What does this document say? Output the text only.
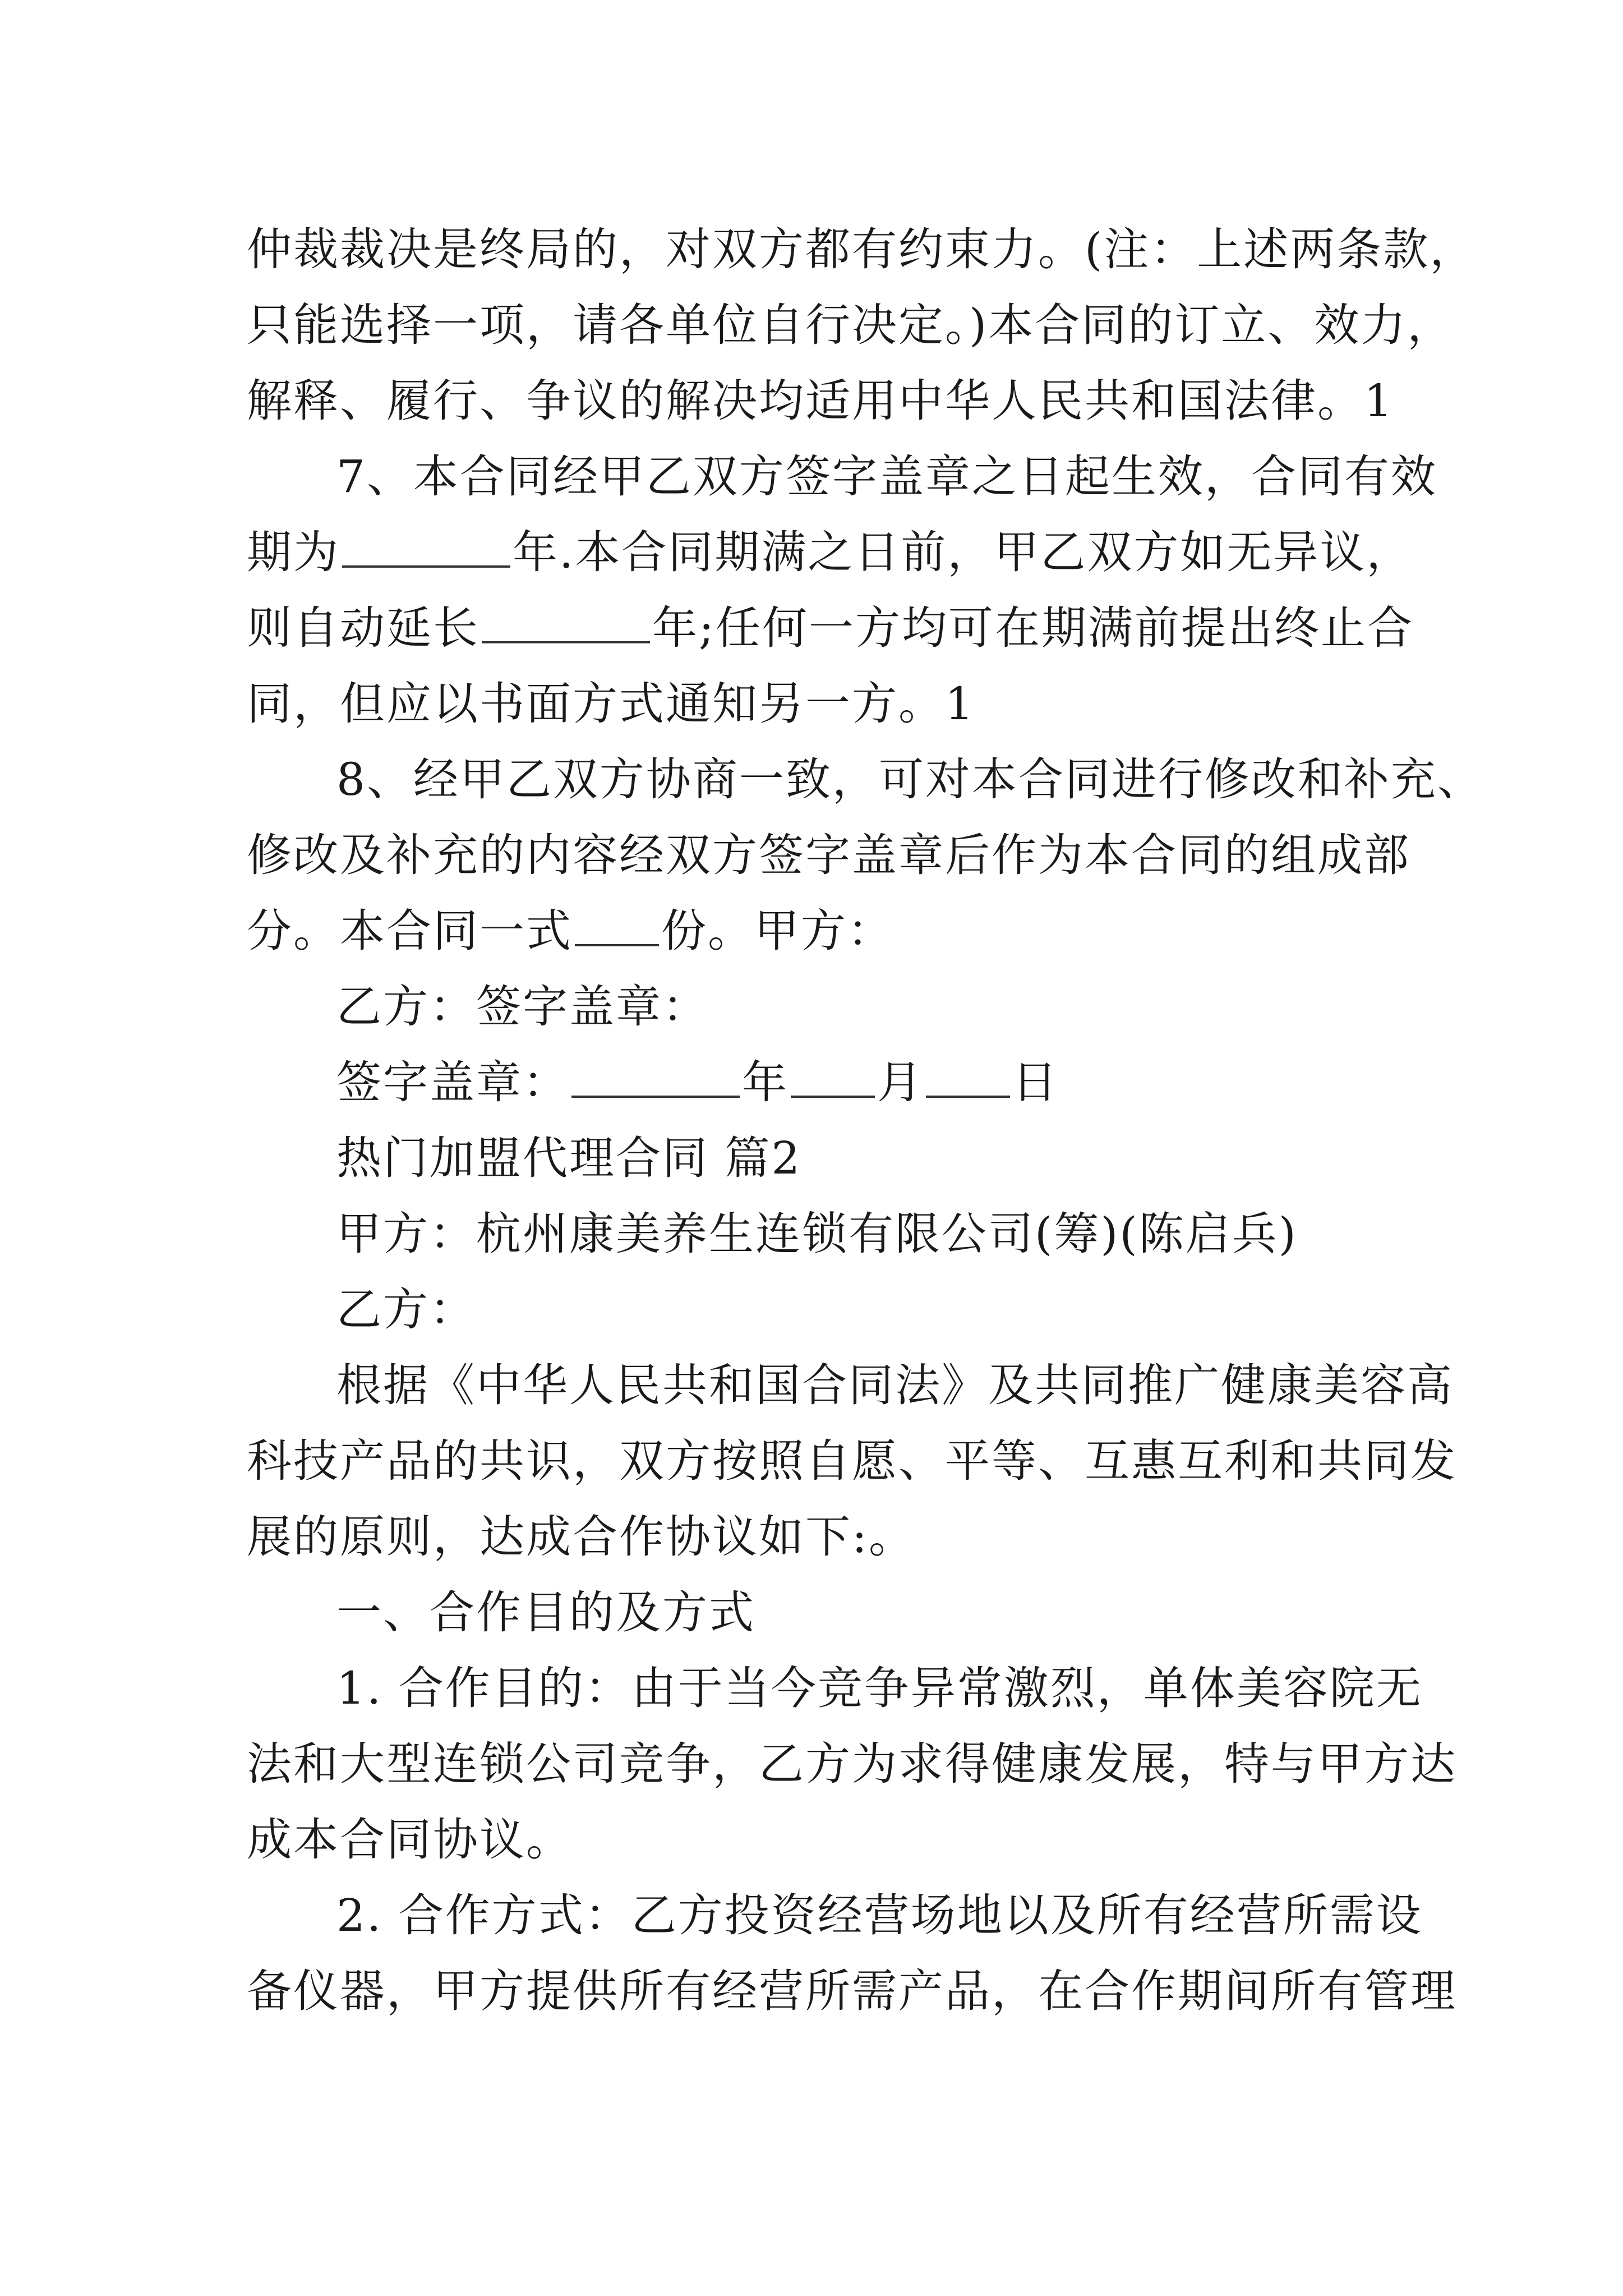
仲裁裁决是终局的，对双方都有约束力。(注：上述两条款，

只能选择一项，请各单位自行决定。)本合同的订立、效力，

解释、履行、争议的解决均适用中华人民共和国法律。1

7、本合同经甲乙双方签字盖章之日起生效，合同有效

期为	年.本合同期满之日前，甲乙双方如无异议，
则自动延长	年;任何一方均可在期满前提出终止合

同，但应以书面方式通知另一方。1

8、经甲乙双方协商一致，可对本合同进行修改和补充、

修改及补充的内容经双方签字盖章后作为本合同的组成部

分。本合同一式 份。甲方：

乙方：签字盖章：

签字盖章：	年 月 日

热门加盟代理合同 篇2

甲方：杭州康美养生连锁有限公司(筹)(陈启兵)

乙方：

根据《中华人民共和国合同法》及共同推广健康美容高

科技产品的共识，双方按照自愿、平等、互惠互利和共同发

展的原则，达成合作协议如下:。

一、合作目的及方式

1. 合作目的：由于当今竞争异常激烈，单体美容院无

法和大型连锁公司竞争，乙方为求得健康发展，特与甲方达

成本合同协议。

2. 合作方式：乙方投资经营场地以及所有经营所需设

备仪器，甲方提供所有经营所需产品，在合作期间所有管理
